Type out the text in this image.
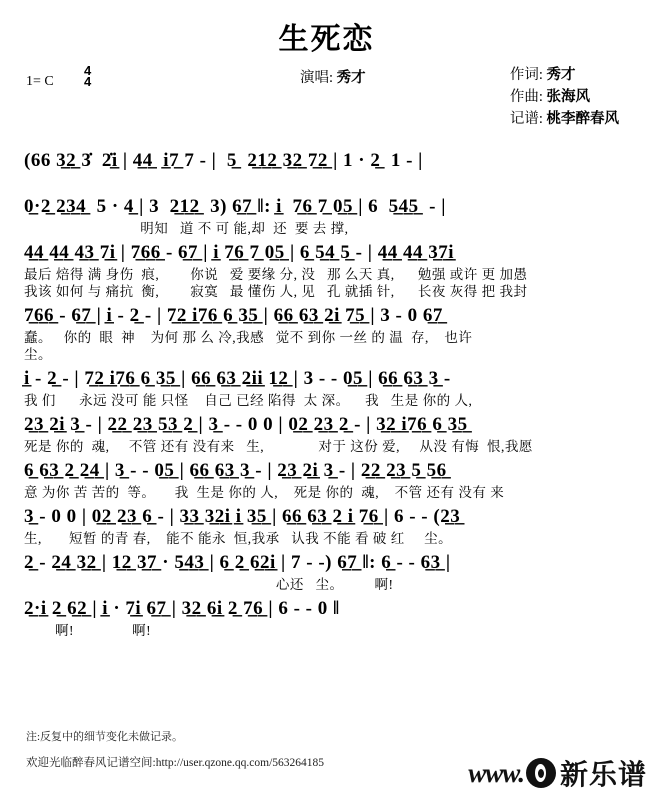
生死恋
1= C
4
4	演唱: 秀才	作词: 秀才
作曲: 张海风
记谱: 桃李醉春风
(66 3̲2̲ 3̇  2̇i̲ | 4̲4̲  i̲7̲ 7 - |  5̲  2̲1̲2̲ 3̲2̲ 7̲2̲ | 1 · 2̲  1 - |
0̲·2̲ 2̲3̲4̲  5 · 4̲ | 3  2̲1̲2̲  3) 6̲7̲ ‖: i̲  7̲6̲ 7̲ 0̲5̲ | 6  5̲4̲5̲  - |
明知   道 不 可 能,却  还  要 去 撑,
4̲4̲ 4̲4̲ 4̲3̲ 7̲i̲ | 7̲6̲6̲ - 6̲7̲ | i̲ 7̲6̲ 7̲ 0̲5̲ | 6̲ 5̲4̲ 5̲ - | 4̲4̲ 4̲4̲ 3̲7̲i̲
最后 焙得 满 身伤  痕,        你说   爱 要缘 分, 没   那 么天 真,      勉强 或许 更 加愚
我该 如何 与 痛抗  衡,        寂寞   最 懂伤 人, 见   孔 就插 针,      长夜 灰得 把 我封
7̲6̲6̲ - 6̲7̲ | i̲ - 2̲ - | 7̲2̲ i̲7̲6̲ 6̲ 3̲5̲ | 6̲6̲ 6̲3̲ 2̲i̲ 7̲5̲ | 3 - 0 6̲7̲
蠢。   你的  眼  神    为何 那 么 冷,我感   觉不 到你 一丝 的 温  存,    也许
尘。
i̲ - 2̲ - | 7̲2̲ i̲7̲6̲ 6̲ 3̲5̲ | 6̲6̲ 6̲3̲ 2̲i̲i̲ 1̲2̲ | 3 - - 0̲5̲ | 6̲6̲ 6̲3̲ 3̲ -
我 们      永远 没可 能 只怪    自己 已经 陷得  太 深。    我   生是 你的 人,
2̲3̲ 2̲i̲ 3̲ - | 2̲2̲ 2̲3̲ 5̲3̲ 2̲ | 3̲ - - 0 0 | 0̲2̲ 2̲3̲ 2̲ - | 3̲2̲ i̲7̲6̲ 6̲ 3̲5̲
死是 你的  魂,     不管 还有 没有来   生,              对于 这份 爱,     从没 有悔  恨,我愿
6̲ 6̲3̲ 2̲ 2̲4̲ | 3̲ - - 0̲5̲ | 6̲6̲ 6̲3̲ 3̲ - | 2̲3̲ 2̲i̲ 3̲ - | 2̲2̲ 2̲3̲ 5̲ 5̲6̲
意 为你 苦 苦的  等。     我  生是 你的 人,    死是 你的  魂,    不管 还有 没有 来
3̲ - 0 0 | 0̲2̲ 2̲3̲ 6̲ - | 3̲3̲ 3̲2̲i̲ i̲ 3̲5̲ | 6̲6̲ 6̲3̲ 2̲ i̲ 7̲6̲ | 6 - - (2̲3̲
生,       短暂 的青 春,    能不 能永  恒,我承   认我 不能 看 破 红     尘。
2̲ - 2̲4̲ 3̲2̲ | 1̲2̲ 3̲7̲ · 5̲4̲3̲ | 6̲ 2̲ 6̲2̲i̲ | 7 - -) 6̲7̲ ‖: 6̲ - - 6̲3̲ |
心还   尘。        啊!
2̲·i̲ 2̲ 6̲2̲ | i̲ · 7̲i̲ 6̲7̲ | 3̲2̲ 6̲i̲ 2̲ 7̲6̲ | 6 - - 0 ‖
啊!               啊!
注:反复中的细节变化未做记录。
欢迎光临醉春风记谱空间:http://user.qzone.qq.com/563264185	www. 新乐谱
